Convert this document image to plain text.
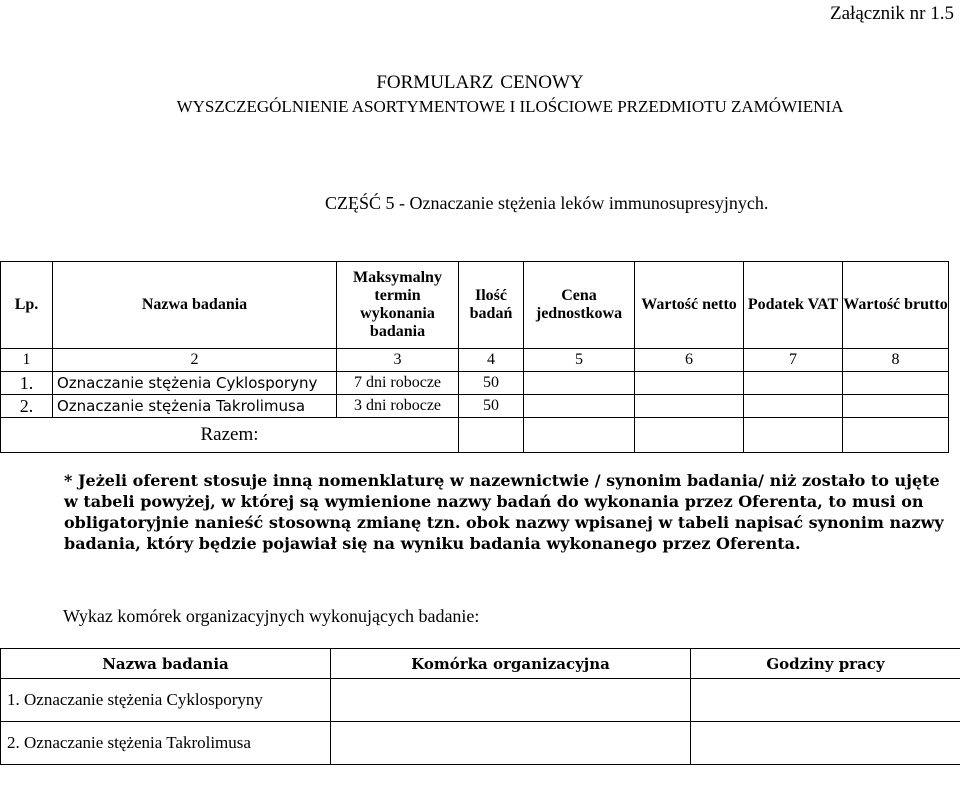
Załącznik nr 1.5
FORMULARZ CENOWY
WYSZCZEGÓLNIENIE ASORTYMENTOWE I ILOŚCIOWE PRZEDMIOTU ZAMÓWIENIA
CZĘŚĆ 5 - Oznaczanie stężenia leków immunosupresyjnych.
Lp.	Nazwa badania	Maksymalny termin wykonania badania	Ilość badań	Cena jednostkowa	Wartość netto	Podatek VAT	Wartość brutto
1	2	3	4	5	6	7	8
1.	Oznaczanie stężenia Cyklosporyny	7 dni robocze	50				
2.	Oznaczanie stężenia Takrolimusa	3 dni robocze	50				
Razem:							
* Jeżeli oferent stosuje inną nomenklaturę w nazewnictwie / synonim badania/ niż zostało to ujęte w tabeli powyżej, w której są wymienione nazwy badań do wykonania przez Oferenta, to musi on obligatoryjnie nanieść stosowną zmianę tzn. obok nazwy wpisanej w tabeli napisać synonim nazwy badania, który będzie pojawiał się na wyniku badania wykonanego przez Oferenta.
Wykaz komórek organizacyjnych wykonujących badanie:
Nazwa badania	Komórka organizacyjna	Godziny pracy
1. Oznaczanie stężenia Cyklosporyny		
2. Oznaczanie stężenia Takrolimusa		
